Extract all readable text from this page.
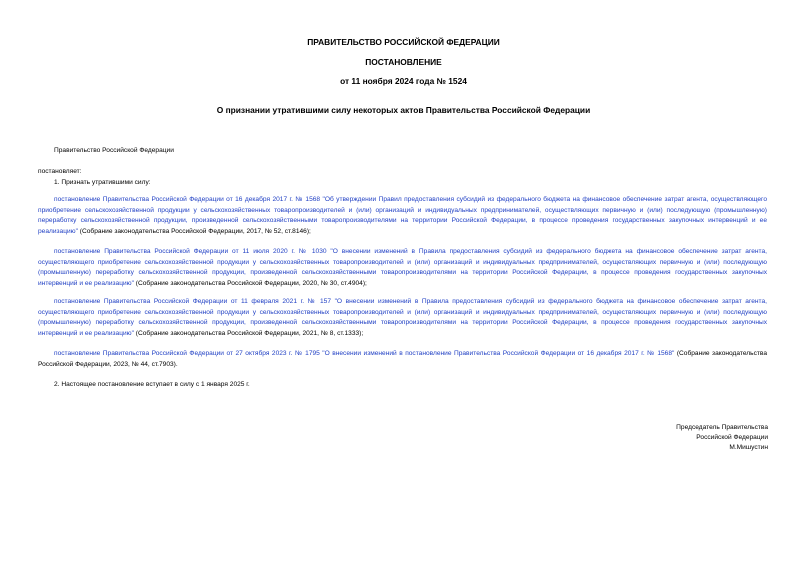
ПРАВИТЕЛЬСТВО РОССИЙСКОЙ ФЕДЕРАЦИИ
ПОСТАНОВЛЕНИЕ
от 11 ноября 2024 года № 1524
О признании утратившими силу некоторых актов Правительства Российской Федерации
Правительство Российской Федерации
постановляет:
1. Признать утратившими силу:
постановление Правительства Российской Федерации от 16 декабря 2017 г. № 1568 "Об утверждении Правил предоставления субсидий из федерального бюджета на финансовое обеспечение затрат агента, осуществляющего приобретение сельскохозяйственной продукции у сельскохозяйственных товаропроизводителей и (или) организаций и индивидуальных предпринимателей, осуществляющих первичную и (или) последующую (промышленную) переработку сельскохозяйственной продукции, произведенной сельскохозяйственными товаропроизводителями на территории Российской Федерации, в процессе проведения государственных закупочных интервенций и ее реализацию" (Собрание законодательства Российской Федерации, 2017, № 52, ст.8146);
постановление Правительства Российской Федерации от 11 июля 2020 г. № 1030 "О внесении изменений в Правила предоставления субсидий из федерального бюджета на финансовое обеспечение затрат агента, осуществляющего приобретение сельскохозяйственной продукции у сельскохозяйственных товаропроизводителей и (или) организаций и индивидуальных предпринимателей, осуществляющих первичную и (или) последующую (промышленную) переработку сельскохозяйственной продукции, произведенной сельскохозяйственными товаропроизводителями на территории Российской Федерации, в процессе проведения государственных закупочных интервенций и ее реализацию" (Собрание законодательства Российской Федерации, 2020, № 30, ст.4904);
постановление Правительства Российской Федерации от 11 февраля 2021 г. № 157 "О внесении изменений в Правила предоставления субсидий из федерального бюджета на финансовое обеспечение затрат агента, осуществляющего приобретение сельскохозяйственной продукции у сельскохозяйственных товаропроизводителей и (или) организаций и индивидуальных предпринимателей, осуществляющих первичную и (или) последующую (промышленную) переработку сельскохозяйственной продукции, произведенной сельскохозяйственными товаропроизводителями на территории Российской Федерации, в процессе проведения государственных закупочных интервенций и ее реализацию" (Собрание законодательства Российской Федерации, 2021, № 8, ст.1333);
постановление Правительства Российской Федерации от 27 октября 2023 г. № 1795 "О внесении изменений в постановление Правительства Российской Федерации от 16 декабря 2017 г. № 1568" (Собрание законодательства Российской Федерации, 2023, № 44, ст.7903).
2. Настоящее постановление вступает в силу с 1 января 2025 г.
Председатель Правительства
Российской Федерации
М.Мишустин
